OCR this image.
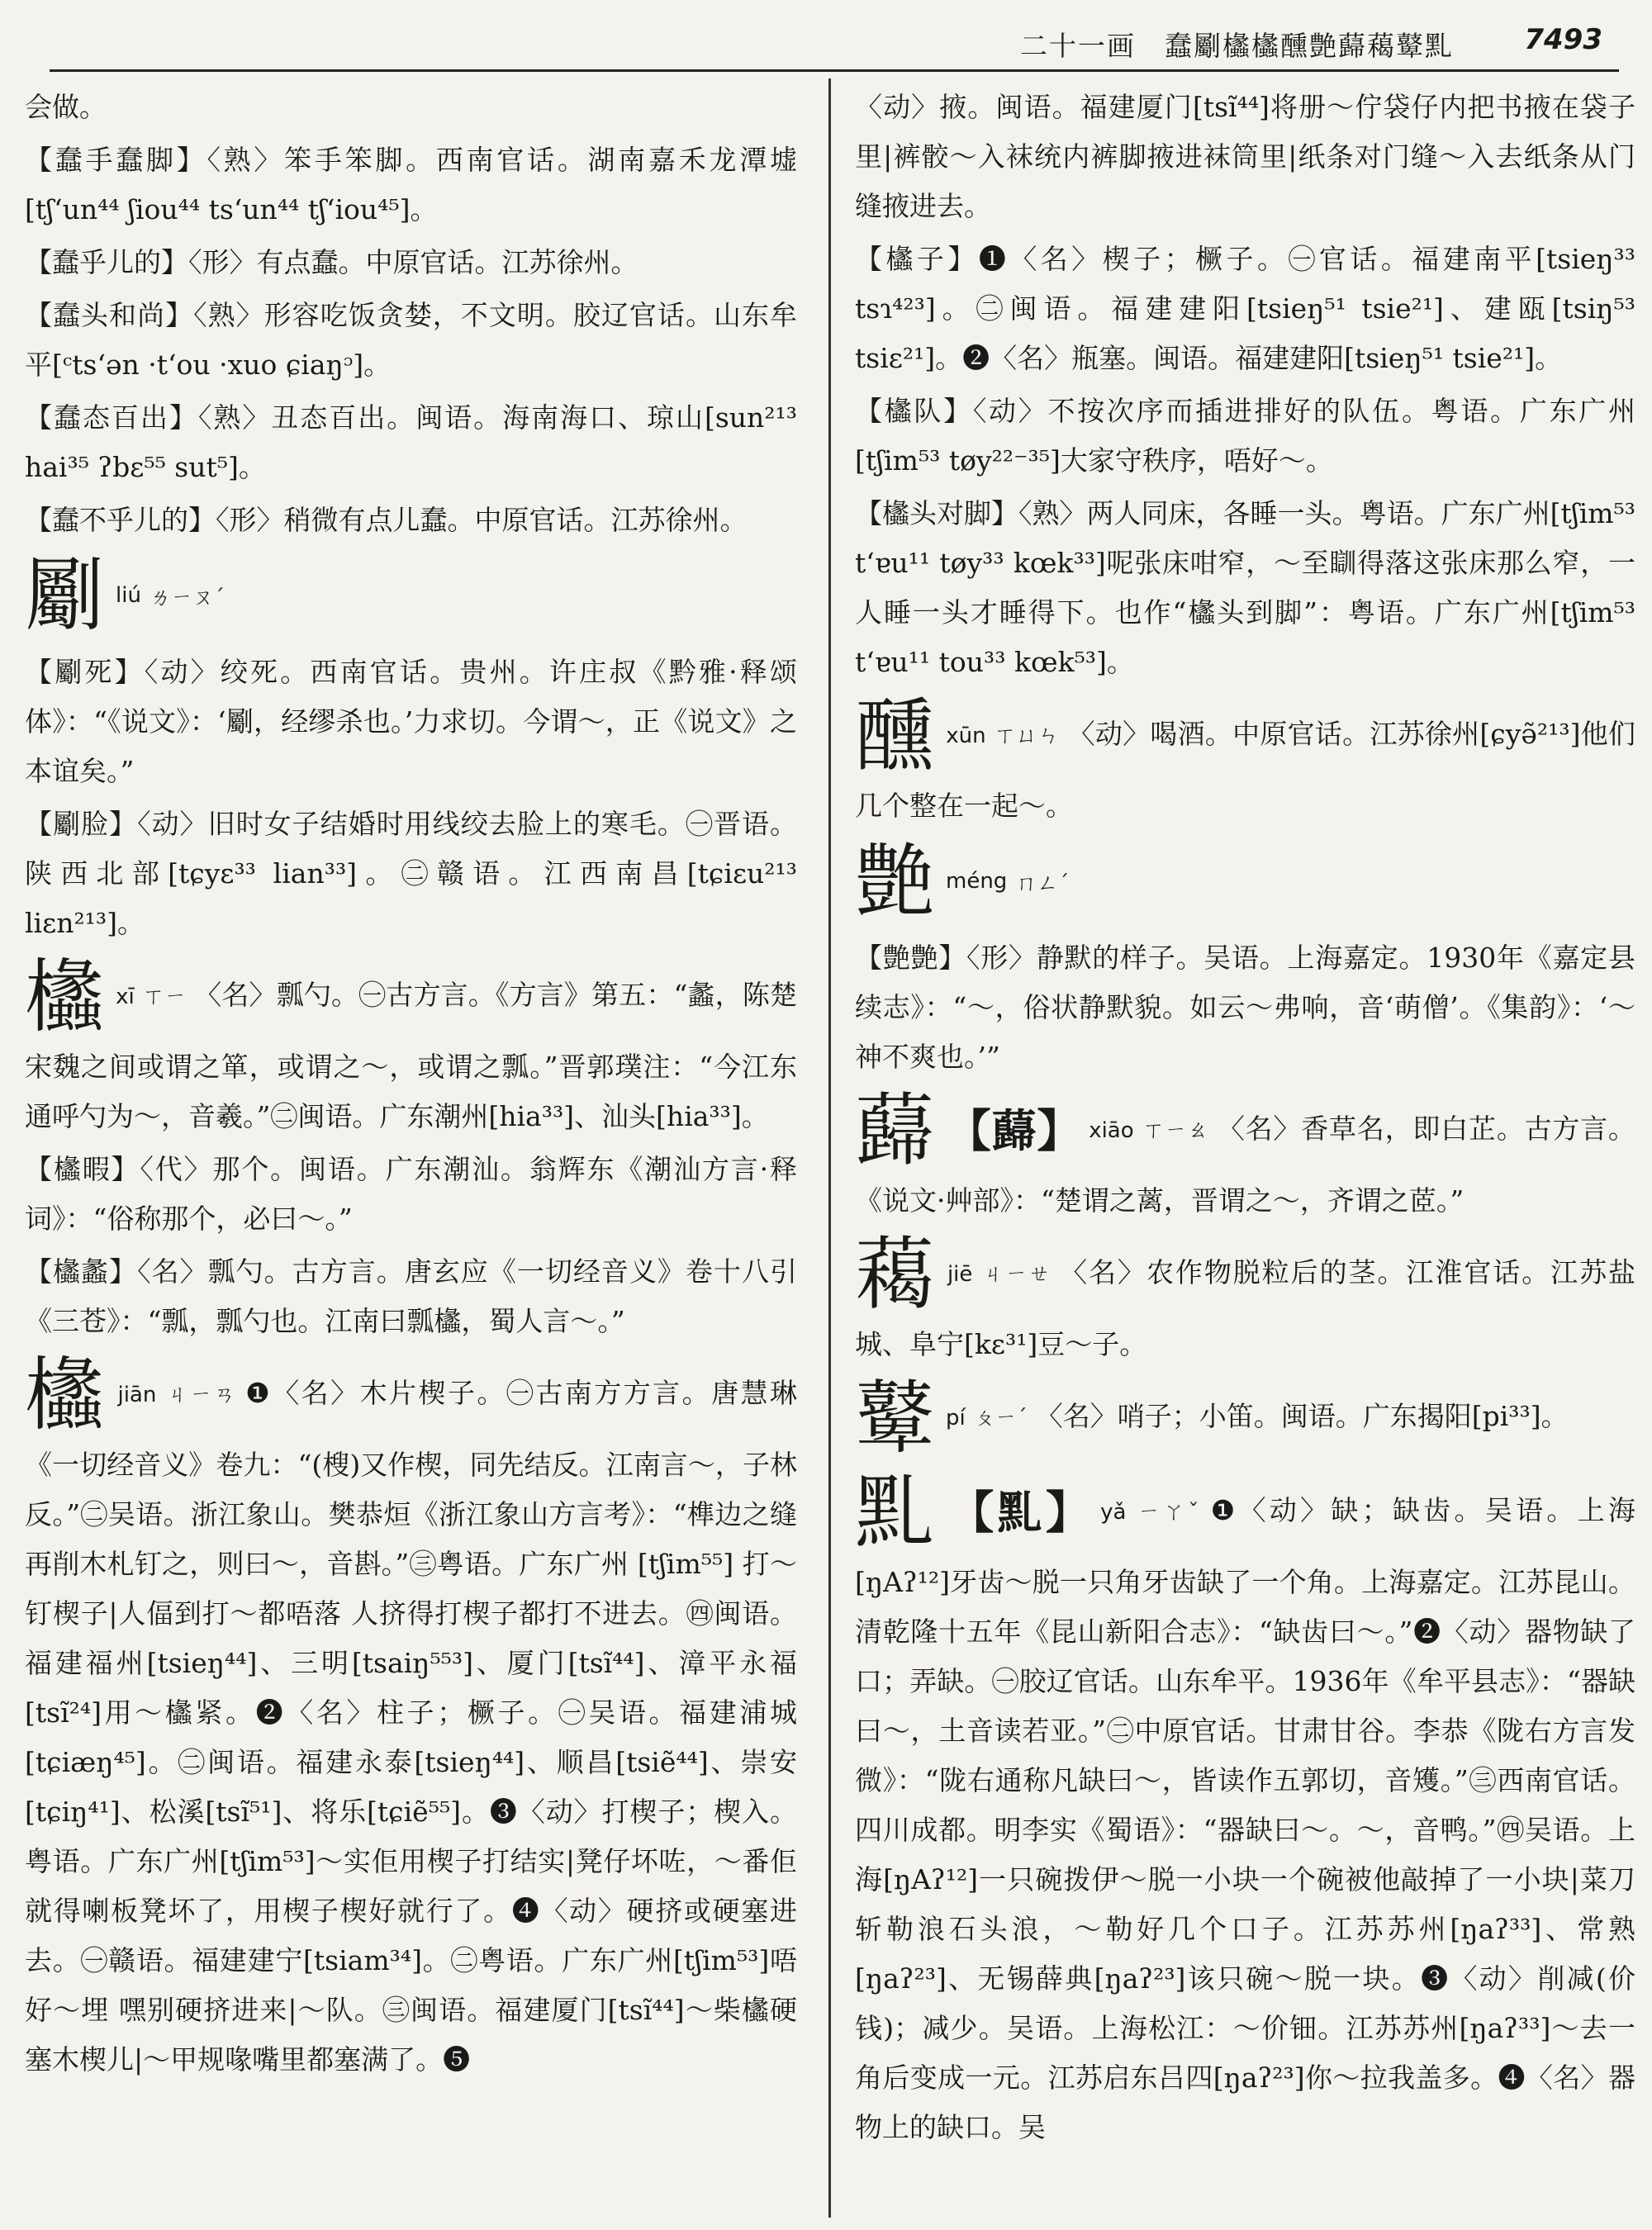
二十一画　蠢劚欚欚醺艶蘬藒鼙䵝	7493

会做。

【蠢手蠢脚】〈熟〉笨手笨脚。西南官话。湖南嘉禾龙潭墟[tʃʻun⁴⁴ ʃiou⁴⁴ tsʻun⁴⁴ tʃʻiou⁴⁵]。

【蠢乎儿的】〈形〉有点蠢。中原官话。江苏徐州。

【蠢头和尚】〈熟〉形容吃饭贪婪，不文明。胶辽官话。山东牟平[ᶜtsʻən ·tʻou ·xuo ɕiaŋᵓ]。

【蠢态百出】〈熟〉丑态百出。闽语。海南海口、琼山[sun²¹³ hai³⁵ ʔbɛ⁵⁵ sut⁵]。

【蠢不乎儿的】〈形〉稍微有点儿蠢。中原官话。江苏徐州。

劚liú ㄌㄧㄡˊ

【劚死】〈动〉绞死。西南官话。贵州。许庄叔《黔雅·释颂体》：“《说文》：‘劚，经缪杀也。’力求切。今谓～，正《说文》之本谊矣。”

【劚脸】〈动〉旧时女子结婚时用线绞去脸上的寒毛。㊀晋语。陕西北部[tɕyɛ³³ lian³³]。㊁赣语。江西南昌[tɕiɛu²¹³ liɛn²¹³]。

欚xī ㄒㄧ 〈名〉瓢勺。㊀古方言。《方言》第五：“蠡，陈楚宋魏之间或谓之箪，或谓之～，或谓之瓢。”晋郭璞注：“今江东通呼勺为～，音羲。”㊁闽语。广东潮州[hia³³]、汕头[hia³³]。

【欚暇】〈代〉那个。闽语。广东潮汕。翁辉东《潮汕方言·释词》：“俗称那个，必曰～。”

【欚蠡】〈名〉瓢勺。古方言。唐玄应《一切经音义》卷十八引《三苍》：“瓢，瓢勺也。江南曰瓢欚，蜀人言～。”

欚jiān ㄐㄧㄢ ❶〈名〉木片楔子。㊀古南方方言。唐慧琳《一切经音义》卷九：“(㮴)又作楔，同先结反。江南言～，子林反。”㊁吴语。浙江象山。樊恭烜《浙江象山方言考》：“榫边之缝再削木札钉之，则曰～，音斟。”㊂粤语。广东广州 [tʃim⁵⁵] 打～钉楔子|人偪到打～都唔落 人挤得打楔子都打不进去。㊃闽语。福建福州[tsieŋ⁴⁴]、三明[tsaiŋ⁵⁵³]、厦门[tsĩ⁴⁴]、漳平永福[tsĩ²⁴]用～欚紧。❷〈名〉柱子；橛子。㊀吴语。福建浦城[tɕiæŋ⁴⁵]。㊁闽语。福建永泰[tsieŋ⁴⁴]、顺昌[tsiẽ⁴⁴]、崇安[tɕiŋ⁴¹]、松溪[tsĩ⁵¹]、将乐[tɕiẽ⁵⁵]。❸〈动〉打楔子；楔入。粤语。广东广州[tʃim⁵³]～实佢用楔子打结实|凳仔坏咗，～番佢就得喇板凳坏了，用楔子楔好就行了。❹〈动〉硬挤或硬塞进去。㊀赣语。福建建宁[tsiam³⁴]。㊁粤语。广东广州[tʃim⁵³]唔好～埋 嘿别硬挤进来|～队。㊂闽语。福建厦门[tsĩ⁴⁴]～柴欚硬塞木楔儿|～甲规喙嘴里都塞满了。❺

〈动〉掖。闽语。福建厦门[tsĩ⁴⁴]将册～佇袋仔内把书掖在袋子里|裤骹～入袜统内裤脚掖进袜筒里|纸条对门缝～入去纸条从门缝掖进去。

【欚子】❶〈名〉楔子；橛子。㊀官话。福建南平[tsieŋ³³ tsɿ⁴²³]。㊁闽语。福建建阳[tsieŋ⁵¹ tsie²¹]、建瓯[tsiŋ⁵³ tsiɛ²¹]。❷〈名〉瓶塞。闽语。福建建阳[tsieŋ⁵¹ tsie²¹]。

【欚队】〈动〉不按次序而插进排好的队伍。粤语。广东广州[tʃim⁵³ tøy²²⁻³⁵]大家守秩序，唔好～。

【欚头对脚】〈熟〉两人同床，各睡一头。粤语。广东广州[tʃim⁵³ tʻɐu¹¹ tøy³³ kœk³³]呢张床咁窄，～至瞓得落这张床那么窄，一人睡一头才睡得下。也作“欚头到脚”：粤语。广东广州[tʃim⁵³ tʻɐu¹¹ tou³³ kœk⁵³]。

醺xūn ㄒㄩㄣ 〈动〉喝酒。中原官话。江苏徐州[ɕyə̃²¹³]他们几个整在一起～。

艶méng ㄇㄥˊ

【艶艶】〈形〉静默的样子。吴语。上海嘉定。1930年《嘉定县续志》：“～，俗状静默貌。如云～弗响，音‘萌僧’。《集韵》：‘～神不爽也。’”

蘬 【蘬】 xiāo ㄒㄧㄠ 〈名〉香草名，即白芷。古方言。《说文·艸部》：“楚谓之蓠，晋谓之～，齐谓之茝。”

藒jiē ㄐㄧㄝ 〈名〉农作物脱粒后的茎。江淮官话。江苏盐城、阜宁[kɛ³¹]豆～子。

鼙pí ㄆㄧˊ 〈名〉哨子；小笛。闽语。广东揭阳[pi³³]。

䵝 【䵝】 yǎ ㄧㄚˇ ❶〈动〉缺；缺齿。吴语。上海[ŋAʔ¹²]牙齿～脱一只角牙齿缺了一个角。上海嘉定。江苏昆山。清乾隆十五年《昆山新阳合志》：“缺齿曰～。”❷〈动〉器物缺了口；弄缺。㊀胶辽官话。山东牟平。1936年《牟平县志》：“器缺曰～，土音读若亚。”㊁中原官话。甘肃甘谷。李恭《陇右方言发微》：“陇右通称凡缺曰～，皆读作五郭切，音矱。”㊂西南官话。四川成都。明李实《蜀语》：“器缺曰～。～，音鸭。”㊃吴语。上海[ŋAʔ¹²]一只碗拨伊～脱一小块一个碗被他敲掉了一小块|菜刀斩勒浪石头浪，～勒好几个口子。江苏苏州[ŋaʔ³³]、常熟[ŋaʔ²³]、无锡薛典[ŋaʔ²³]该只碗～脱一块。❸〈动〉削减(价钱)；减少。吴语。上海松江：～价钿。江苏苏州[ŋaʔ³³]～去一角后变成一元。江苏启东吕四[ŋaʔ²³]你～拉我盖多。❹〈名〉器物上的缺口。吴
